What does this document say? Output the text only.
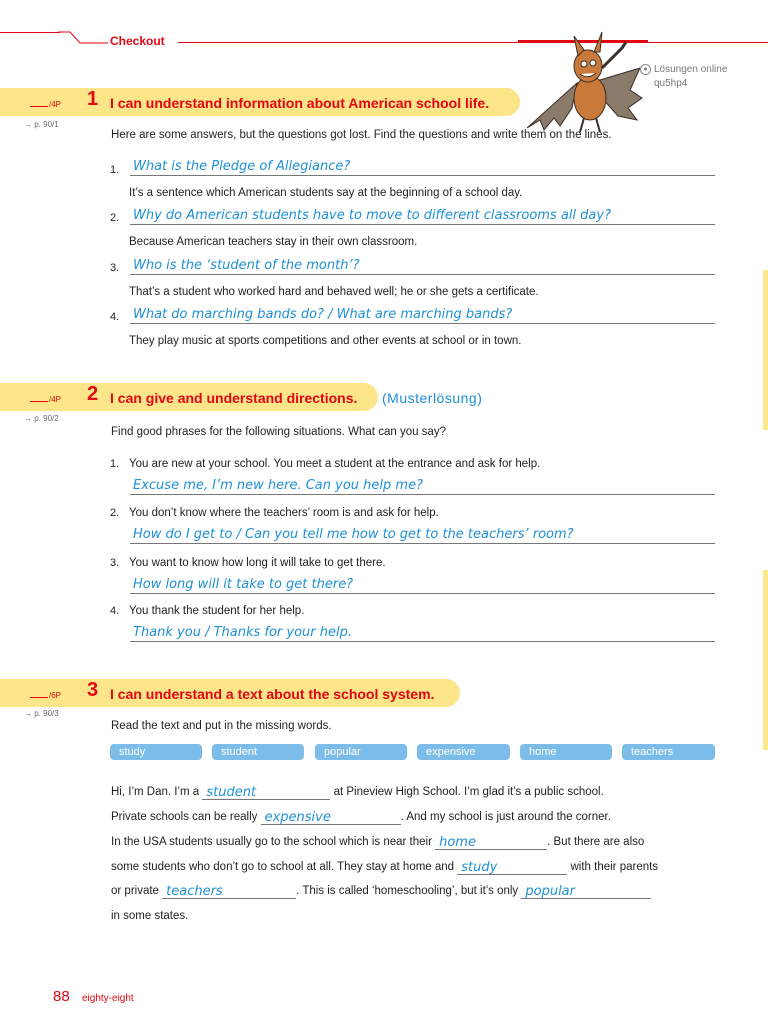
Checkout
● Lösungen online
qu5hp4
/4P 1 I can understand information about American school life.
→ p. 90/1
Here are some answers, but the questions got lost. Find the questions and write them on the lines.
1. What is the Pledge of Allegiance?
It’s a sentence which American students say at the beginning of a school day.
2. Why do American students have to move to different classrooms all day?
Because American teachers stay in their own classroom.
3. Who is the ‘student of the month’?
That’s a student who worked hard and behaved well; he or she gets a certificate.
4. What do marching bands do? / What are marching bands?
They play music at sports competitions and other events at school or in town.
/4P 2 I can give and understand directions. (Musterlösung)
→ p. 90/2
Find good phrases for the following situations. What can you say?
1. You are new at your school. You meet a student at the entrance and ask for help.
Excuse me, I’m new here. Can you help me?
2. You don’t know where the teachers’ room is and ask for help.
How do I get to / Can you tell me how to get to the teachers’ room?
3. You want to know how long it will take to get there.
How long will it take to get there?
4. You thank the student for her help.
Thank you / Thanks for your help.
/6P 3 I can understand a text about the school system.
→ p. 90/3
Read the text and put in the missing words.
study	student	popular	expensive	home	teachers
Hi, I’m Dan. I’m a student	at Pineview High School. I’m glad it’s a public school.
Private schools can be really expensive	. And my school is just around the corner.
In the USA students usually go to the school which is near their home	. But there are also
some students who don’t go to school at all. They stay at home and study	with their parents
or private teachers	. This is called ‘homeschooling’, but it’s only popular
in some states.
88 eighty-eight
